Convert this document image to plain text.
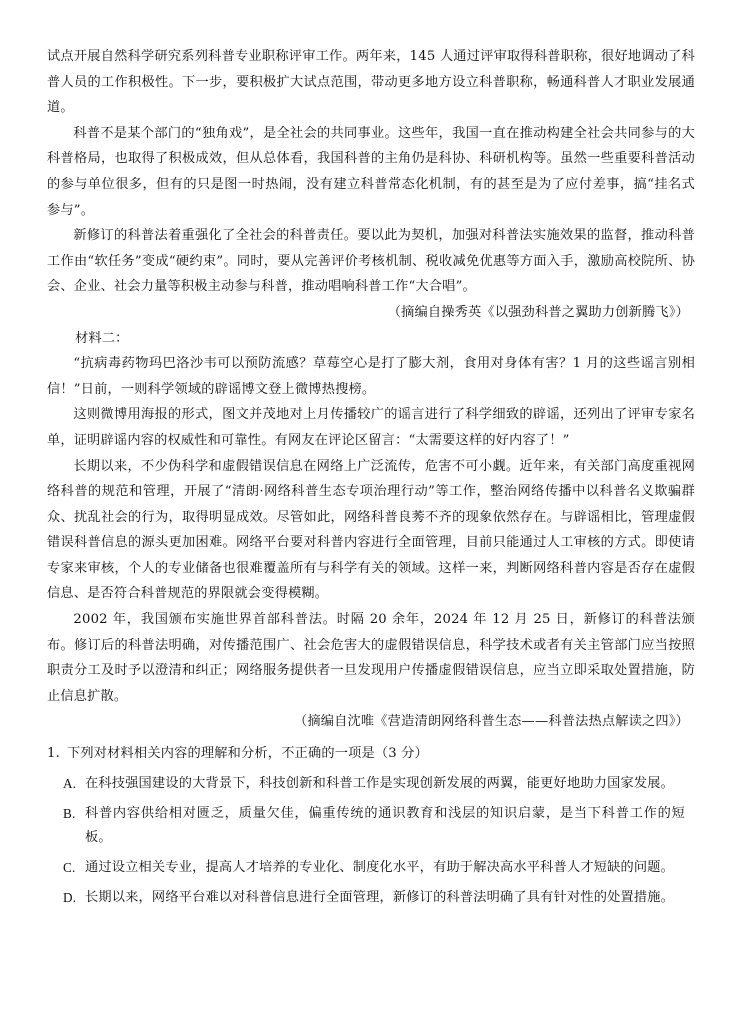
试点开展自然科学研究系列科普专业职称评审工作。两年来，145 人通过评审取得科普职称，很好地调动了科普人员的工作积极性。下一步，要积极扩大试点范围，带动更多地方设立科普职称，畅通科普人才职业发展通道。

科普不是某个部门的“独角戏”，是全社会的共同事业。这些年，我国一直在推动构建全社会共同参与的大科普格局，也取得了积极成效，但从总体看，我国科普的主角仍是科协、科研机构等。虽然一些重要科普活动的参与单位很多，但有的只是图一时热闹，没有建立科普常态化机制，有的甚至是为了应付差事，搞“挂名式参与”。

新修订的科普法着重强化了全社会的科普责任。要以此为契机，加强对科普法实施效果的监督，推动科普工作由“软任务”变成“硬约束”。同时，要从完善评价考核机制、税收减免优惠等方面入手，激励高校院所、协会、企业、社会力量等积极主动参与科普，推动唱响科普工作“大合唱”。

（摘编自操秀英《以强劲科普之翼助力创新腾飞》）

材料二：

“抗病毒药物玛巴洛沙韦可以预防流感？草莓空心是打了膨大剂，食用对身体有害？1 月的这些谣言别相信！”日前，一则科学领域的辟谣博文登上微博热搜榜。

这则微博用海报的形式，图文并茂地对上月传播较广的谣言进行了科学细致的辟谣，还列出了评审专家名单，证明辟谣内容的权威性和可靠性。有网友在评论区留言：“太需要这样的好内容了！”

长期以来，不少伪科学和虚假错误信息在网络上广泛流传，危害不可小觑。近年来，有关部门高度重视网络科普的规范和管理，开展了“清朗·网络科普生态专项治理行动”等工作，整治网络传播中以科普名义欺骗群众、扰乱社会的行为，取得明显成效。尽管如此，网络科普良莠不齐的现象依然存在。与辟谣相比，管理虚假错误科普信息的源头更加困难。网络平台要对科普内容进行全面管理，目前只能通过人工审核的方式。即使请专家来审核，个人的专业储备也很难覆盖所有与科学有关的领域。这样一来，判断网络科普内容是否存在虚假信息、是否符合科普规范的界限就会变得模糊。

2002 年，我国颁布实施世界首部科普法。时隔 20 余年，2024 年 12 月 25 日，新修订的科普法颁布。修订后的科普法明确，对传播范围广、社会危害大的虚假错误信息，科学技术或者有关主管部门应当按照职责分工及时予以澄清和纠正；网络服务提供者一旦发现用户传播虚假错误信息，应当立即采取处置措施，防止信息扩散。

（摘编自沈唯《营造清朗网络科普生态——科普法热点解读之四》）

1. 下列对材料相关内容的理解和分析，不正确的一项是（3 分）
A. 在科技强国建设的大背景下，科技创新和科普工作是实现创新发展的两翼，能更好地助力国家发展。
B. 科普内容供给相对匮乏，质量欠佳，偏重传统的通识教育和浅层的知识启蒙，是当下科普工作的短板。
C. 通过设立相关专业，提高人才培养的专业化、制度化水平，有助于解决高水平科普人才短缺的问题。
D. 长期以来，网络平台难以对科普信息进行全面管理，新修订的科普法明确了具有针对性的处置措施。
